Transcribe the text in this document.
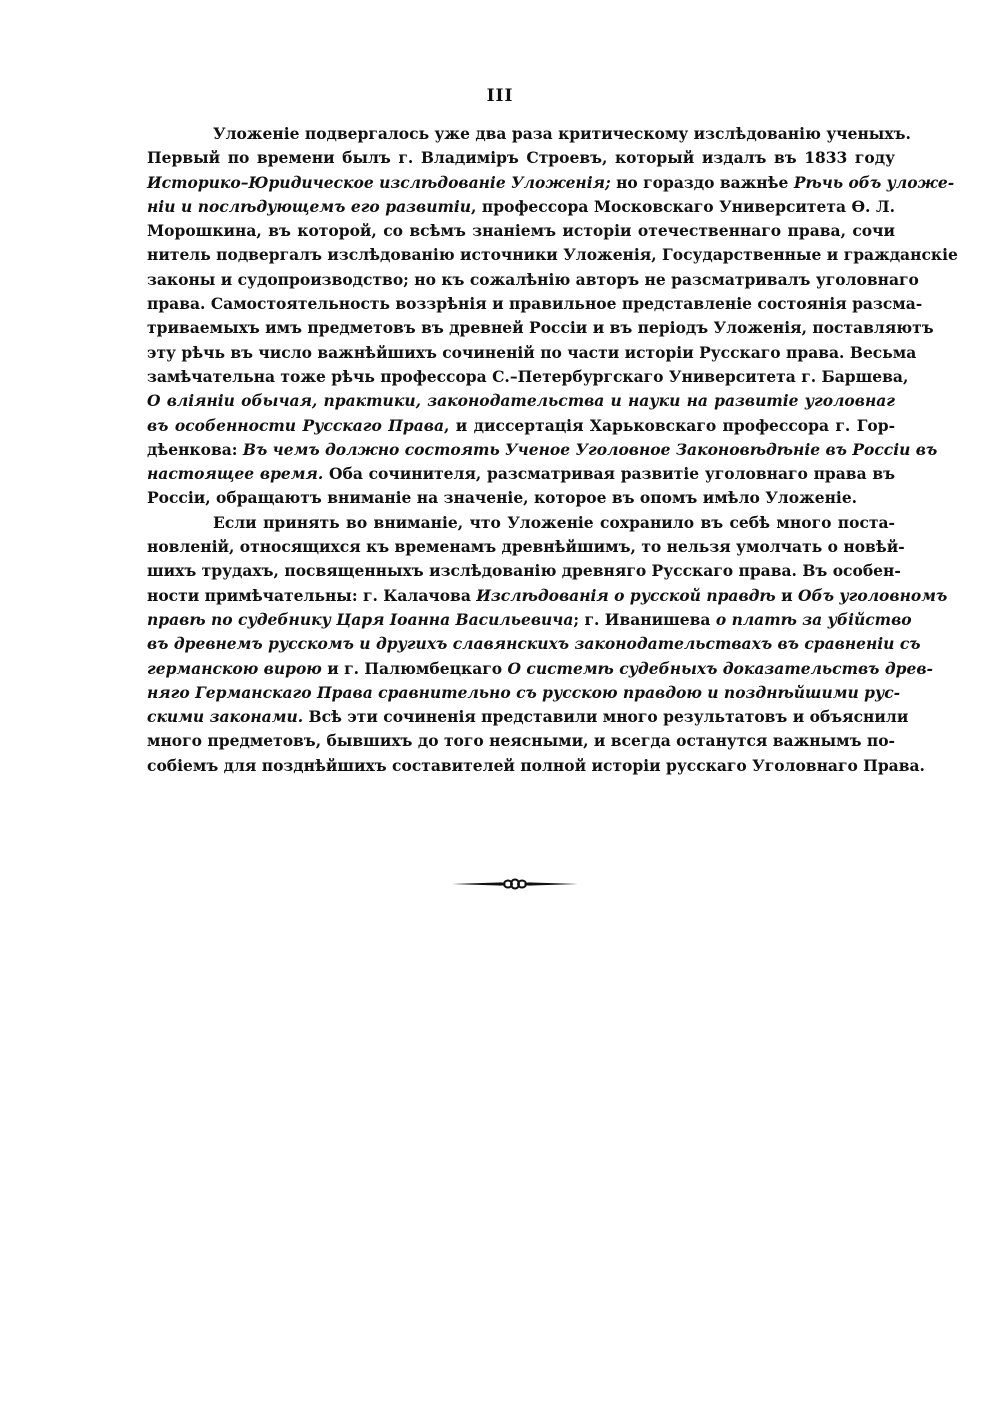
III
Уложеніе подвергалось уже два раза критическому изслѣдованію ученыхъ.
Первый по времени былъ г. Владиміръ Строевъ, который издалъ въ 1833 году
Историко–Юридическое изслѣдованіе Уложенія; но гораздо важнѣе Рѣчь объ уложе-
ніи и послѣдующемъ его развитіи, профессора Московскаго Университета Ѳ. Л.
Морошкина, въ которой, со всѣмъ знаніемъ исторіи отечественнаго права, сочи
нитель подвергалъ изслѣдованію источники Уложенія, Государственные и гражданскіе
законы и судопроизводство; но къ сожалѣнію авторъ не разсматривалъ уголовнаго
права. Самостоятельность воззрѣнія и правильное представленіе состоянія разсма-
триваемыхъ имъ предметовъ въ древней Россіи и въ періодъ Уложенія, поставляютъ
эту рѣчь въ число важнѣйшихъ сочиненій по части исторіи Русскаго права. Весьма
замѣчательна тоже рѣчь профессора С.–Петербургскаго Университета г. Баршева,
О вліяніи обычая, практики, законодательства и науки на развитіе уголовнаг
въ особенности Русскаго Права, и диссертація Харьковскаго профессора г. Гор-
дѣенкова: Въ чемъ должно состоять Ученое Уголовное Законовѣдѣніе въ Россіи въ
настоящее время. Оба сочинителя, разсматривая развитіе уголовнаго права въ
Россіи, обращаютъ вниманіе на значеніе, которое въ опомъ имѣло Уложеніе.
Если принять во вниманіе, что Уложеніе сохранило въ себѣ много поста-
новленій, относящихся къ временамъ древнѣйшимъ, то нельзя умолчать о новѣй-
шихъ трудахъ, посвященныхъ изслѣдованію древняго Русскаго права. Въ особен-
ности примѣчательны: г. Калачова Изслѣдованія о русской правдѣ и Объ уголовномъ
правѣ по судебнику Царя Іоанна Васильевича; г. Иванишева о платѣ за убійство
въ древнемъ русскомъ и другихъ славянскихъ законодательствахъ въ сравненіи съ
германскою вирою и г. Палюмбецкаго О системѣ судебныхъ доказательствъ древ-
няго Германскаго Права сравнительно съ русскою правдою и позднѣйшими рус-
скими законами. Всѣ эти сочиненія представили много результатовъ и объяснили
много предметовъ, бывшихъ до того неясными, и всегда останутся важнымъ по-
собіемъ для позднѣйшихъ составителей полной исторіи русскаго Уголовнаго Права.
